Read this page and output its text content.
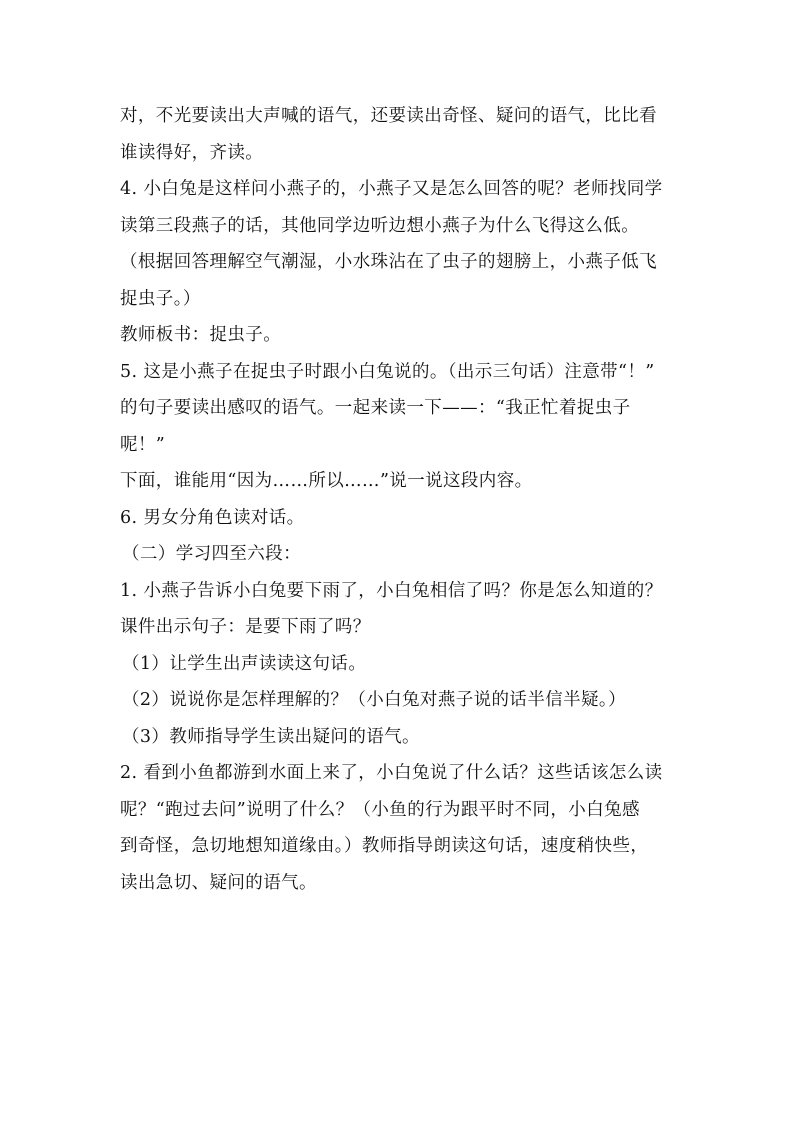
对，不光要读出大声喊的语气，还要读出奇怪、疑问的语气，比比看
谁读得好，齐读。
4. 小白兔是这样问小燕子的，小燕子又是怎么回答的呢？老师找同学
读第三段燕子的话，其他同学边听边想小燕子为什么飞得这么低。
（根据回答理解空气潮湿，小水珠沾在了虫子的翅膀上，小燕子低飞
捉虫子。）
教师板书：捉虫子。
5. 这是小燕子在捉虫子时跟小白兔说的。（出示三句话）注意带“！”
的句子要读出感叹的语气。一起来读一下——：“我正忙着捉虫子
呢！”
下面，谁能用“因为……所以……”说一说这段内容。
6. 男女分角色读对话。
（二）学习四至六段：
1. 小燕子告诉小白兔要下雨了，小白兔相信了吗？你是怎么知道的？
课件出示句子：是要下雨了吗？
（1）让学生出声读读这句话。
（2）说说你是怎样理解的？（小白兔对燕子说的话半信半疑。）
（3）教师指导学生读出疑问的语气。
2. 看到小鱼都游到水面上来了，小白兔说了什么话？这些话该怎么读
呢？“跑过去问”说明了什么？（小鱼的行为跟平时不同，小白兔感
到奇怪，急切地想知道缘由。）教师指导朗读这句话，速度稍快些，
读出急切、疑问的语气。
